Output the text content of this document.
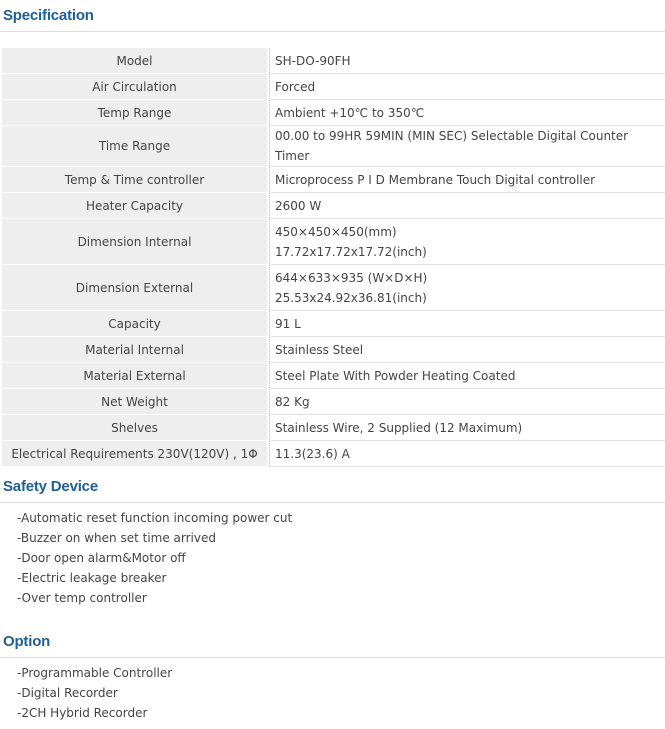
Specification
Model		SH-DO-90FH

Air Circulation		Forced

Temp Range		Ambient +10℃ to 350℃

Time Range		00.00 to 99HR 59MIN (MIN SEC) Selectable Digital Counter Timer

Temp & Time controller		Microprocess P I D Membrane Touch Digital controller

Heater Capacity		2600 W

Dimension Internal		450×450×450(mm)
17.72x17.72x17.72(inch)

Dimension External		644×633×935 (W×D×H)
25.53x24.92x36.81(inch)

Capacity		91 L

Material Internal		Stainless Steel

Material External		Steel Plate With Powder Heating Coated

Net Weight		82 Kg

Shelves		Stainless Wire, 2 Supplied (12 Maximum)

Electrical Requirements 230V(120V) , 1Φ		11.3(23.6) A
Safety Device
-Automatic reset function incoming power cut
-Buzzer on when set time arrived
-Door open alarm&Motor off
-Electric leakage breaker
-Over temp controller
Option
-Programmable Controller
-Digital Recorder
-2CH Hybrid Recorder
